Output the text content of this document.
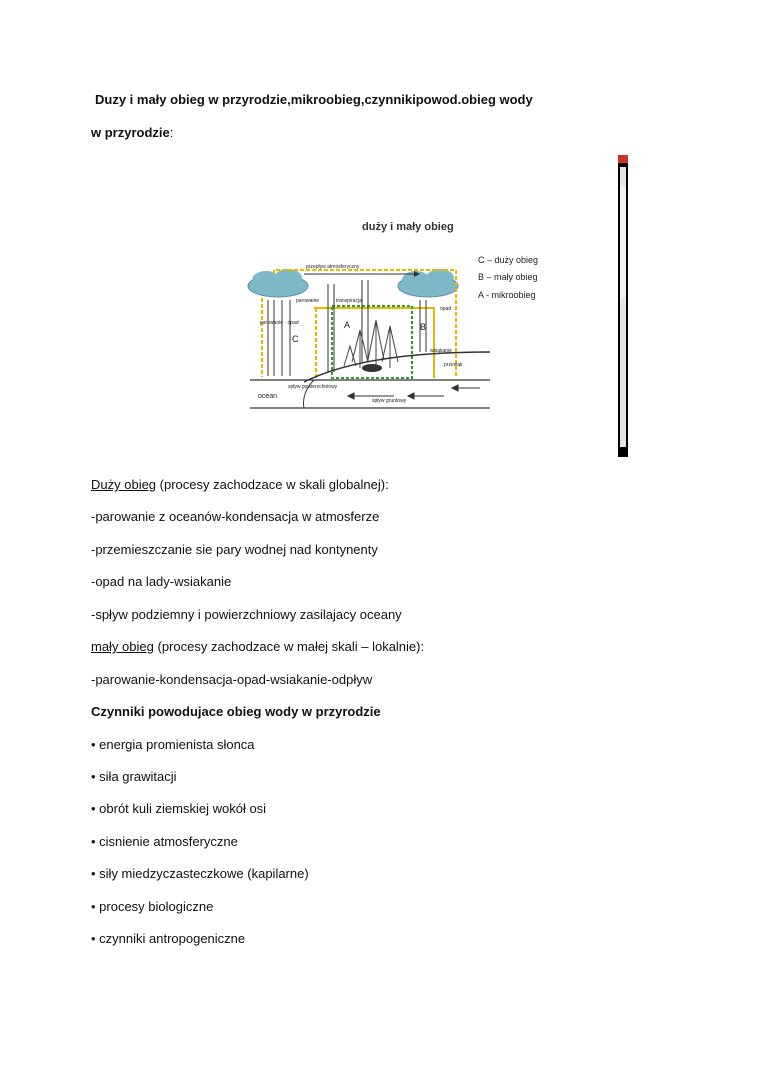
Duzy i mały obieg w przyrodzie,mikroobieg,czynnikipowod.obieg wody
w przyrodzie:
duży i mały obieg
C – duży obieg
B – mały obieg
A - mikroobieg
przepływ atmosferyczny
parowanie	transpiracja
parowanie · opad
opad
wsiąkanie
przesiąk
spływ powierzchniowy
spływ gruntowy
ocean
A	B
C
Duży obieg (procesy zachodzace w skali globalnej):
-parowanie z oceanów-kondensacja w atmosferze
-przemieszczanie sie pary wodnej nad kontynenty
-opad na lady-wsiakanie
-spływ podziemny i powierzchniowy zasilajacy oceany
mały obieg (procesy zachodzace w małej skali – lokalnie):
-parowanie-kondensacja-opad-wsiakanie-odpływ
Czynniki powodujace obieg wody w przyrodzie
• energia promienista słonca
• siła grawitacji
• obrót kuli ziemskiej wokół osi
• cisnienie atmosferyczne
• siły miedzyczasteczkowe (kapilarne)
• procesy biologiczne
• czynniki antropogeniczne
